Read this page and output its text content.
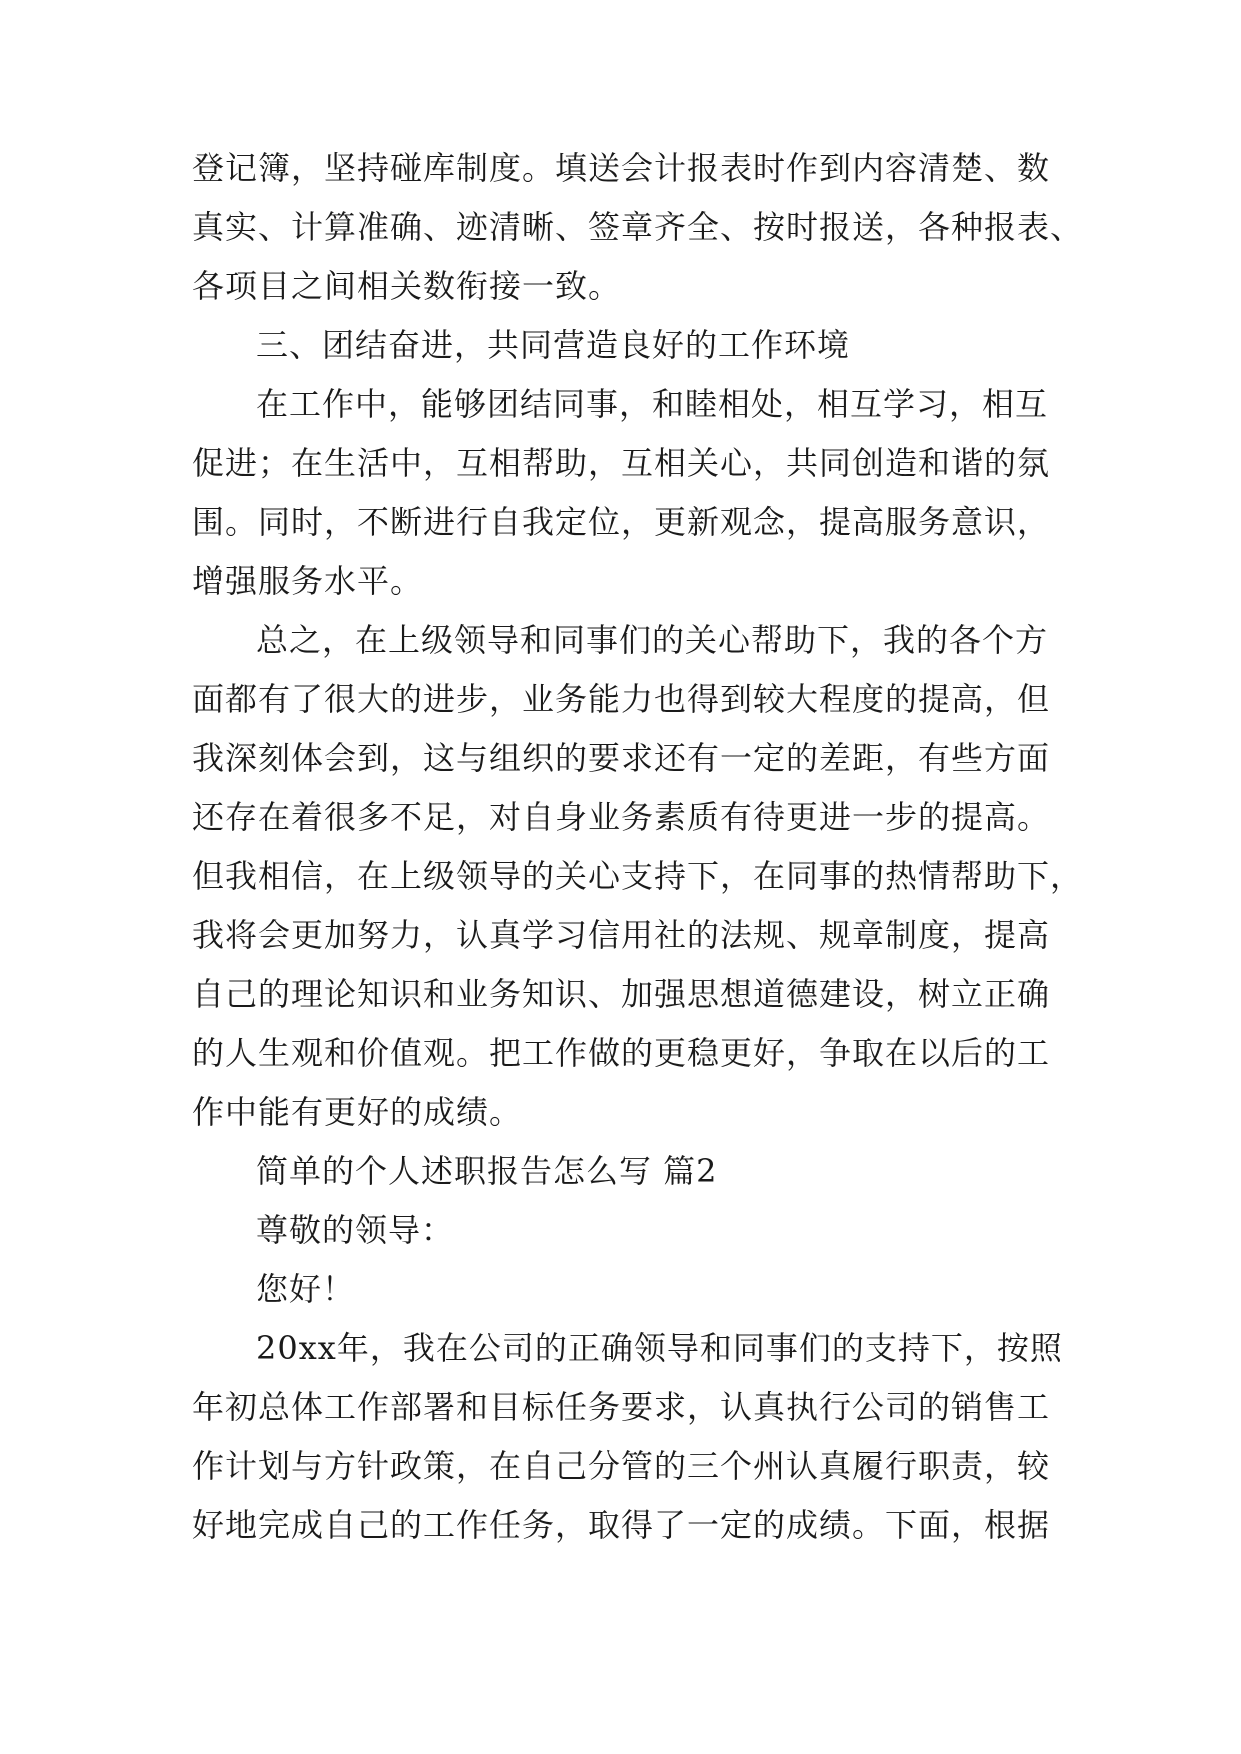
登记簿，坚持碰库制度。填送会计报表时作到内容清楚、数
真实、计算准确、迹清晰、签章齐全、按时报送，各种报表、
各项目之间相关数衔接一致。
三、团结奋进，共同营造良好的工作环境
在工作中，能够团结同事，和睦相处，相互学习，相互
促进；在生活中，互相帮助，互相关心，共同创造和谐的氛
围。同时，不断进行自我定位，更新观念，提高服务意识，
增强服务水平。
总之，在上级领导和同事们的关心帮助下，我的各个方
面都有了很大的进步，业务能力也得到较大程度的提高，但
我深刻体会到，这与组织的要求还有一定的差距，有些方面
还存在着很多不足，对自身业务素质有待更进一步的提高。
但我相信，在上级领导的关心支持下，在同事的热情帮助下，
我将会更加努力，认真学习信用社的法规、规章制度，提高
自己的理论知识和业务知识、加强思想道德建设，树立正确
的人生观和价值观。把工作做的更稳更好，争取在以后的工
作中能有更好的成绩。
简单的个人述职报告怎么写 篇2
尊敬的领导：
您好！
20xx年，我在公司的正确领导和同事们的支持下，按照
年初总体工作部署和目标任务要求，认真执行公司的销售工
作计划与方针政策，在自己分管的三个州认真履行职责，较
好地完成自己的工作任务，取得了一定的成绩。下面，根据
